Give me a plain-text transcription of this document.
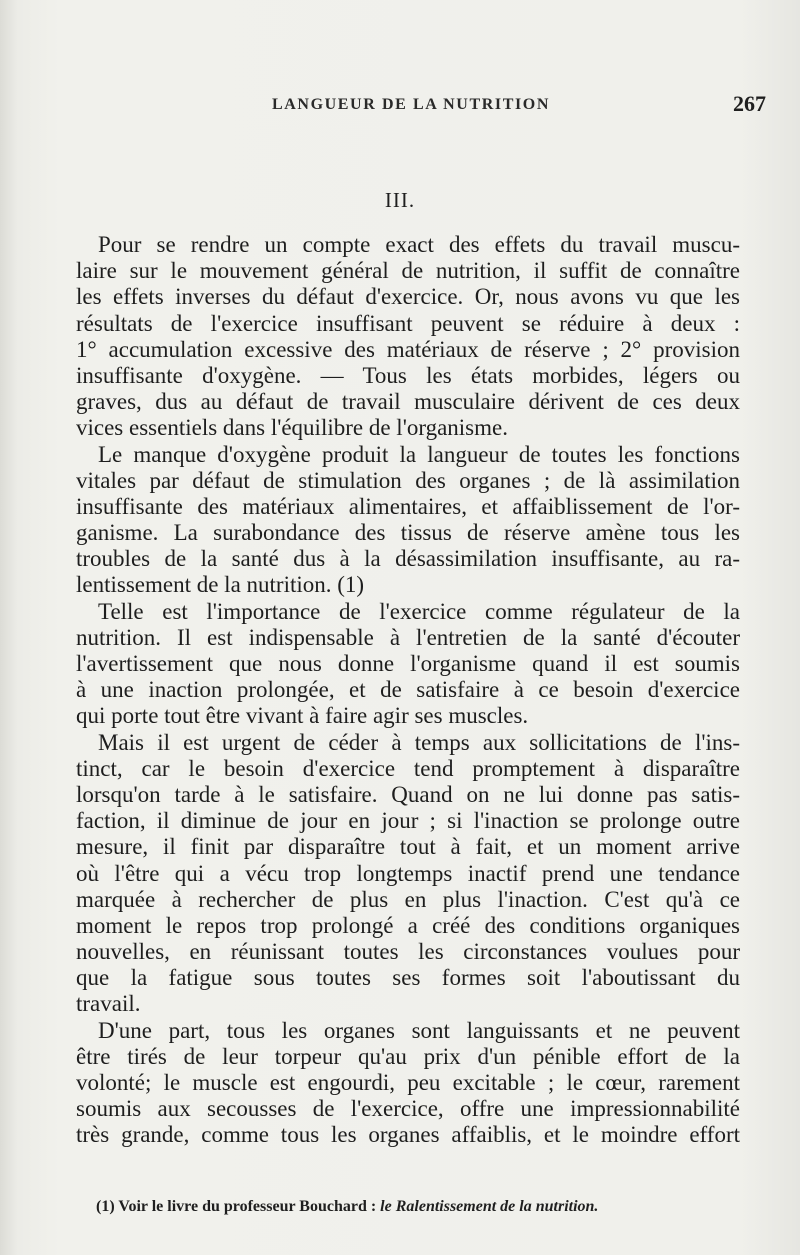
LANGUEUR DE LA NUTRITION	267
III.
Pour se rendre un compte exact des effets du travail muscu-
laire sur le mouvement général de nutrition, il suffit de connaître
les effets inverses du défaut d'exercice. Or, nous avons vu que les
résultats de l'exercice insuffisant peuvent se réduire à deux :
1° accumulation excessive des matériaux de réserve ; 2° provision
insuffisante d'oxygène. — Tous les états morbides, légers ou
graves, dus au défaut de travail musculaire dérivent de ces deux
vices essentiels dans l'équilibre de l'organisme.
Le manque d'oxygène produit la langueur de toutes les fonctions
vitales par défaut de stimulation des organes ; de là assimilation
insuffisante des matériaux alimentaires, et affaiblissement de l'or-
ganisme. La surabondance des tissus de réserve amène tous les
troubles de la santé dus à la désassimilation insuffisante, au ra-
lentissement de la nutrition. (1)
Telle est l'importance de l'exercice comme régulateur de la
nutrition. Il est indispensable à l'entretien de la santé d'écouter
l'avertissement que nous donne l'organisme quand il est soumis
à une inaction prolongée, et de satisfaire à ce besoin d'exercice
qui porte tout être vivant à faire agir ses muscles.
Mais il est urgent de céder à temps aux sollicitations de l'ins-
tinct, car le besoin d'exercice tend promptement à disparaître
lorsqu'on tarde à le satisfaire. Quand on ne lui donne pas satis-
faction, il diminue de jour en jour ; si l'inaction se prolonge outre
mesure, il finit par disparaître tout à fait, et un moment arrive
où l'être qui a vécu trop longtemps inactif prend une tendance
marquée à rechercher de plus en plus l'inaction. C'est qu'à ce
moment le repos trop prolongé a créé des conditions organiques
nouvelles, en réunissant toutes les circonstances voulues pour
que la fatigue sous toutes ses formes soit l'aboutissant du
travail.
D'une part, tous les organes sont languissants et ne peuvent
être tirés de leur torpeur qu'au prix d'un pénible effort de la
volonté; le muscle est engourdi, peu excitable ; le cœur, rarement
soumis aux secousses de l'exercice, offre une impressionnabilité
très grande, comme tous les organes affaiblis, et le moindre effort
(1) Voir le livre du professeur Bouchard : le Ralentissement de la nutrition.
